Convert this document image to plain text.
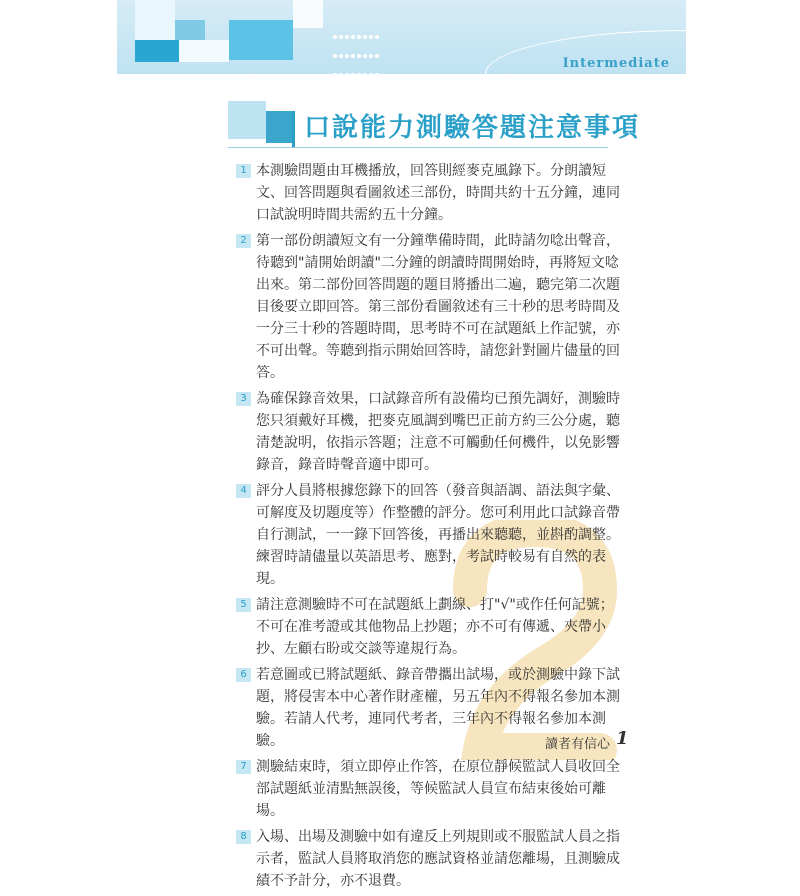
Intermediate
口說能力測驗答題注意事項
1 本測驗問題由耳機播放，回答則經麥克風錄下。分朗讀短文、回答問題與看圖敘述三部份，時間共約十五分鐘，連同口試說明時間共需約五十分鐘。
2 第一部份朗讀短文有一分鐘準備時間，此時請勿唸出聲音，待聽到"請開始朗讀"二分鐘的朗讀時間開始時，再將短文唸出來。第二部份回答問題的題目將播出二遍，聽完第二次題目後要立即回答。第三部份看圖敘述有三十秒的思考時間及一分三十秒的答題時間，思考時不可在試題紙上作記號，亦不可出聲。等聽到指示開始回答時，請您針對圖片儘量的回答。
3 為確保錄音效果，口試錄音所有設備均已預先調好，測驗時您只須戴好耳機，把麥克風調到嘴巴正前方約三公分處，聽清楚說明，依指示答題；注意不可觸動任何機件，以免影響錄音，錄音時聲音適中即可。
4 評分人員將根據您錄下的回答（發音與語調、語法與字彙、可解度及切題度等）作整體的評分。您可利用此口試錄音帶自行測試，一一錄下回答後，再播出來聽聽，並斟酌調整。練習時請儘量以英語思考、應對，考試時較易有自然的表現。
5 請注意測驗時不可在試題紙上劃線、打"√"或作任何記號；不可在准考證或其他物品上抄題；亦不可有傳遞、夾帶小抄、左顧右盼或交談等違規行為。
6 若意圖或已將試題紙、錄音帶攜出試場，或於測驗中錄下試題，將侵害本中心著作財產權，另五年內不得報名參加本測驗。若請人代考，連同代考者，三年內不得報名參加本測驗。
7 測驗結束時，須立即停止作答，在原位靜候監試人員收回全部試題紙並清點無誤後，等候監試人員宣布結束後始可離場。
8 入場、出場及測驗中如有違反上列規則或不服監試人員之指示者，監試人員將取消您的應試資格並請您離場，且測驗成績不予計分，亦不退費。
讀者有信心 1
